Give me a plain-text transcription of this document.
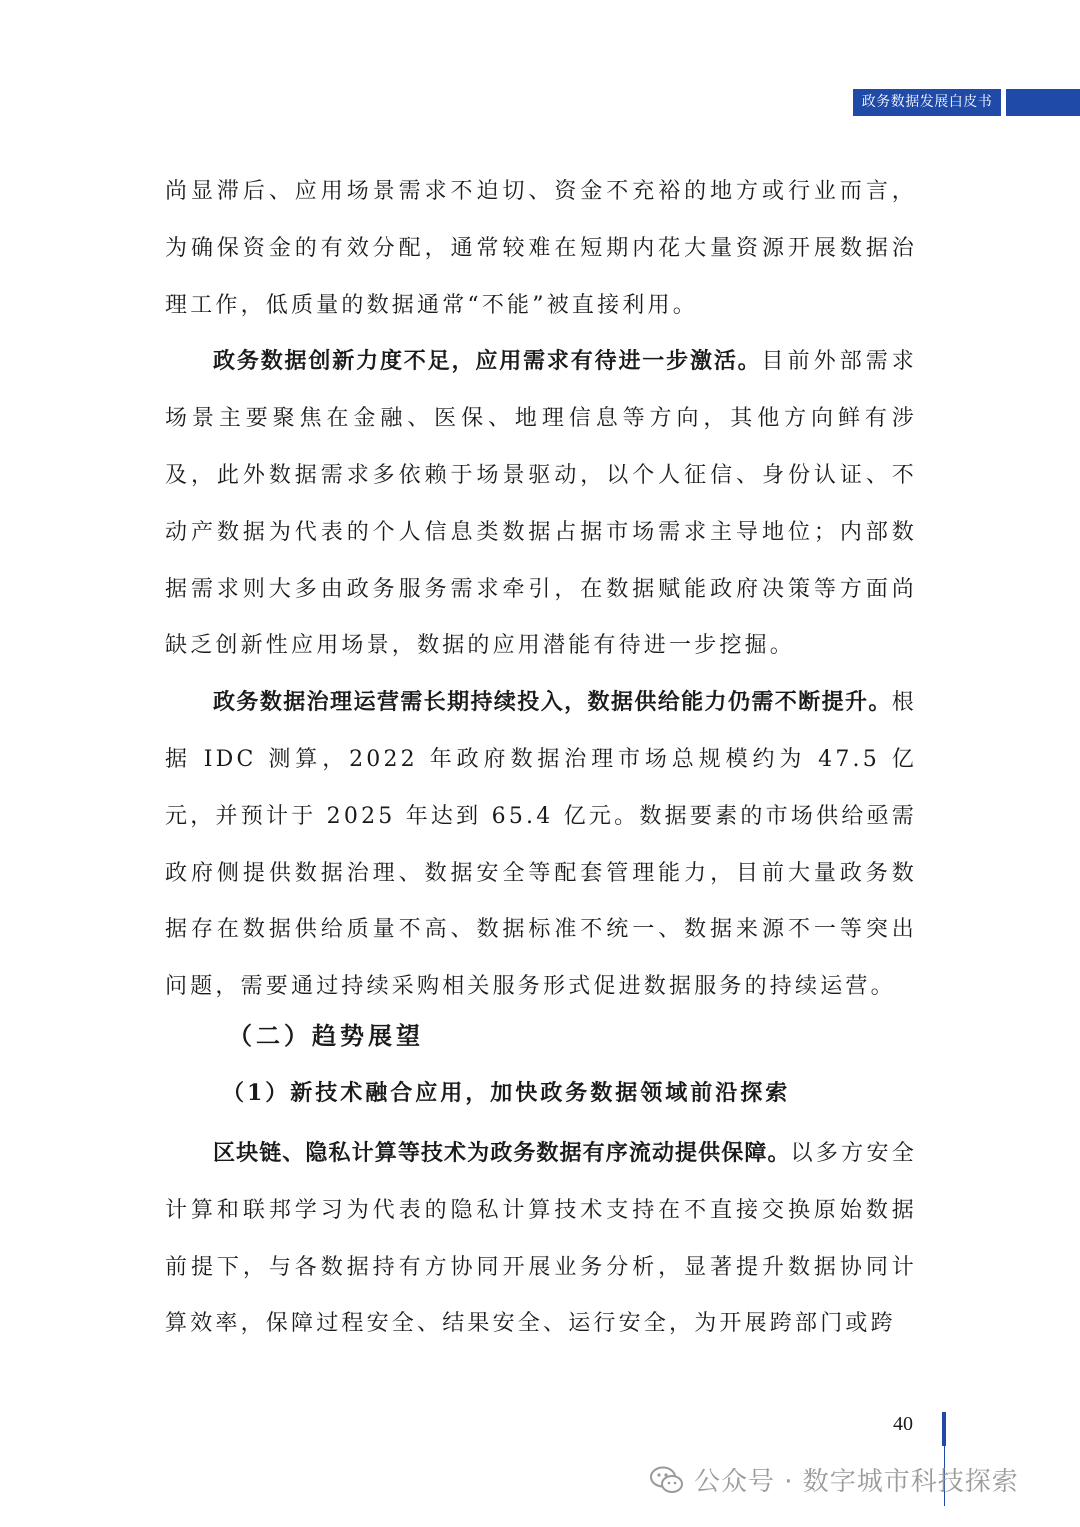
政务数据发展白皮书

尚显滞后、应用场景需求不迫切、资金不充裕的地方或行业而言，为确保资金的有效分配，通常较难在短期内花大量资源开展数据治理工作，低质量的数据通常“不能”被直接利用。

政务数据创新力度不足，应用需求有待进一步激活。目前外部需求场景主要聚焦在金融、医保、地理信息等方向，其他方向鲜有涉及，此外数据需求多依赖于场景驱动，以个人征信、身份认证、不动产数据为代表的个人信息类数据占据市场需求主导地位；内部数据需求则大多由政务服务需求牵引，在数据赋能政府决策等方面尚缺乏创新性应用场景，数据的应用潜能有待进一步挖掘。

政务数据治理运营需长期持续投入，数据供给能力仍需不断提升。根据 IDC 测算，2022 年政府数据治理市场总规模约为 47.5 亿元，并预计于 2025 年达到 65.4 亿元。数据要素的市场供给亟需政府侧提供数据治理、数据安全等配套管理能力，目前大量政务数据存在数据供给质量不高、数据标准不统一、数据来源不一等突出问题，需要通过持续采购相关服务形式促进数据服务的持续运营。

（二）趋势展望
（1）新技术融合应用，加快政务数据领域前沿探索

区块链、隐私计算等技术为政务数据有序流动提供保障。以多方安全计算和联邦学习为代表的隐私计算技术支持在不直接交换原始数据前提下，与各数据持有方协同开展业务分析，显著提升数据协同计算效率，保障过程安全、结果安全、运行安全，为开展跨部门或跨

40
公众号 · 数字城市科技探索
